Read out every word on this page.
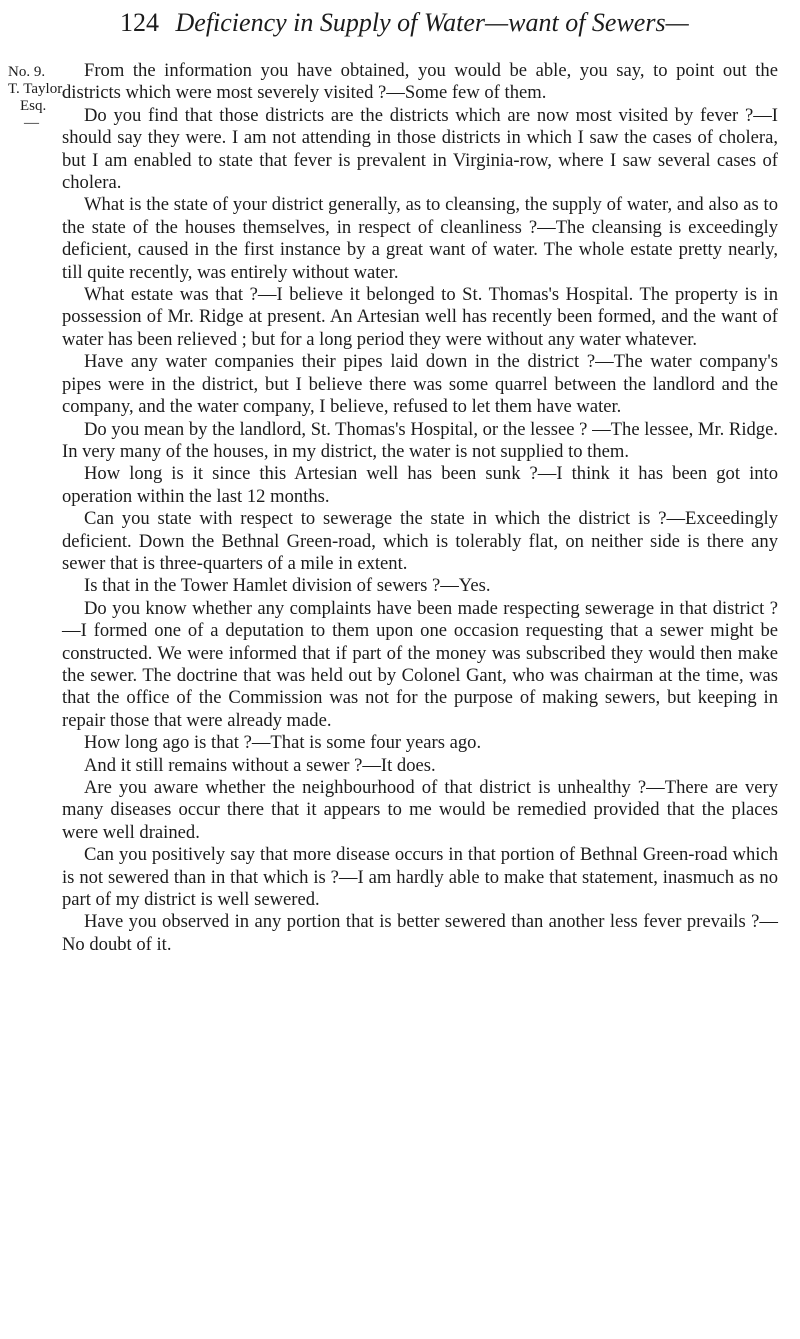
124 Deficiency in Supply of Water—want of Sewers—
No. 9.
T. Taylor,
Esq.
—

From the information you have obtained, you would be able, you say, to point out the districts which were most severely visited ?—Some few of them.

Do you find that those districts are the districts which are now most visited by fever ?—I should say they were. I am not attending in those districts in which I saw the cases of cholera, but I am enabled to state that fever is prevalent in Virginia-row, where I saw several cases of cholera.

What is the state of your district generally, as to cleansing, the supply of water, and also as to the state of the houses themselves, in respect of cleanliness ?—The cleansing is exceedingly deficient, caused in the first instance by a great want of water. The whole estate pretty nearly, till quite recently, was entirely without water.

What estate was that ?—I believe it belonged to St. Thomas's Hospital. The property is in possession of Mr. Ridge at present. An Artesian well has recently been formed, and the want of water has been relieved ; but for a long period they were without any water whatever.

Have any water companies their pipes laid down in the district ?—The water company's pipes were in the district, but I believe there was some quarrel between the landlord and the company, and the water company, I believe, refused to let them have water.

Do you mean by the landlord, St. Thomas's Hospital, or the lessee ? —The lessee, Mr. Ridge. In very many of the houses, in my district, the water is not supplied to them.

How long is it since this Artesian well has been sunk ?—I think it has been got into operation within the last 12 months.

Can you state with respect to sewerage the state in which the district is ?—Exceedingly deficient. Down the Bethnal Green-road, which is tolerably flat, on neither side is there any sewer that is three-quarters of a mile in extent.

Is that in the Tower Hamlet division of sewers ?—Yes.

Do you know whether any complaints have been made respecting sewerage in that district ?—I formed one of a deputation to them upon one occasion requesting that a sewer might be constructed. We were informed that if part of the money was subscribed they would then make the sewer. The doctrine that was held out by Colonel Gant, who was chairman at the time, was that the office of the Commission was not for the purpose of making sewers, but keeping in repair those that were already made.

How long ago is that ?—That is some four years ago.

And it still remains without a sewer ?—It does.

Are you aware whether the neighbourhood of that district is unhealthy ?—There are very many diseases occur there that it appears to me would be remedied provided that the places were well drained.

Can you positively say that more disease occurs in that portion of Bethnal Green-road which is not sewered than in that which is ?—I am hardly able to make that statement, inasmuch as no part of my district is well sewered.

Have you observed in any portion that is better sewered than another less fever prevails ?—No doubt of it.
